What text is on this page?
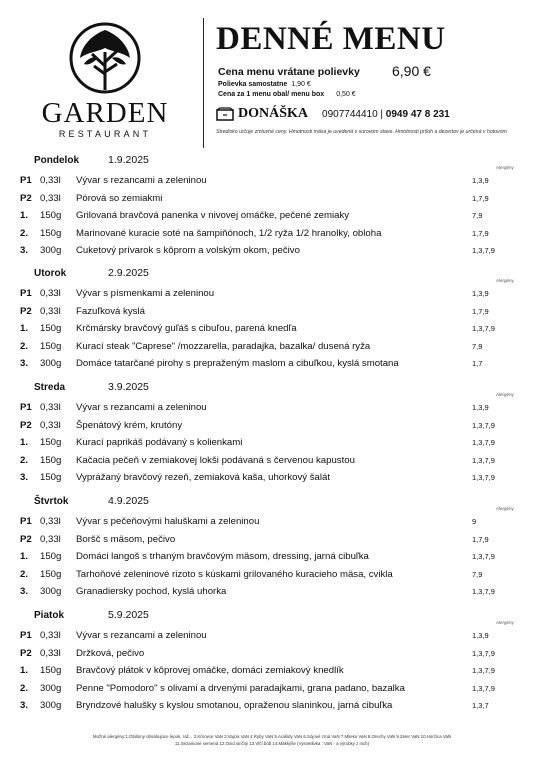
GARDEN
RESTAURANT
DENNÉ MENU
Cena menu vrátane polievky 6,90 €
Polievka samostatne 1,90 €
Cena za 1 menu obal/ menu box 0,50 €
DONÁŠKA 0907744410 | 0949 47 8 231
Stredisko určuje zmluvné ceny. Hmotnosti mäsa je uvedená v surovom stave. Hmotnosti príloh a dezertov je určená v hotovom
Pondelok	1.9.2025
Alergény
P1 0,33l Vývar s rezancami a zeleninou	1,3,9
P2 0,33l Pórová so zemiakmi	1,7,9
1. 150g Grilovaná bravčová panenka v nivovej omáčke, pečené zemiaky	7,9
2. 150g Marinované kuracie soté na šampiňónoch, 1/2 ryža 1/2 hranolky, obloha	1,7,9
3. 300g Cuketový prívarok s kôprom a volským okom, pečivo	1,3,7,9
Utorok	2.9.2025
Alergény
P1 0,33l Vývar s písmenkami a zeleninou	1,3,9
P2 0,33l Fazuľková kyslá	1,7,9
1. 150g Krčmársky bravčový guľáš s cibuľou, parená knedľa	1,3,7,9
2. 150g Kurací steak "Caprese" /mozzarella, paradajka, bazalka/ dusená ryža	7,9
3. 300g Domáce tatarčané pirohy s prepraženým maslom a cibuľkou, kyslá smotana	1,7
Streda	3.9.2025
Alergény
P1 0,33l Vývar s rezancami a zeleninou	1,3,9
P2 0,33l Špenátový krém, krutóny	1,3,7,9
1. 150g Kurací paprikáš podávaný s kolienkami	1,3,7,9
2. 150g Kačacia pečeň v zemiakovej lokši podávaná s červenou kapustou	1,3,7,9
3. 150g Vyprážaný bravčový rezeň, zemiaková kaša, uhorkový šalát	1,3,7,9
Štvrtok	4.9.2025
Alergény
P1 0,33l Vývar s pečeňovými haluškami a zeleninou	9
P2 0,33l Boršč s mäsom, pečivo	1,7,9
1. 150g Domáci langoš s trhaným bravčovým mäsom, dressing, jarná cibuľka	1,3,7,9
2. 150g Tarhoňové zeleninové rizoto s kúskami grilovaného kuracieho mäsa, cvikla	7,9
3. 300g Granadiersky pochod, kyslá uhorka	1,3,7,9
Piatok	5.9.2025
Alergény
P1 0,33l Vývar s rezancami a zeleninou	1,3,9
P2 0,33l Držková, pečivo	1,3,7,9
1. 150g Bravčový plátok v kôprovej omáčke, domáci zemiakový knedlík	1,3,7,9
2. 300g Penne "Pomodoro" s olivami a drvenými paradajkami, grana padano, bazalka	1,3,7,9
3. 300g Bryndzové halušky s kyslou smotanou, opraženou slaninkou, jarná cibuľka	1,3,7
Možné alergény:1.Obilniny obsahujúce lepok, raž... 2.Kôrovce VaN 3.Vajcia VaN 4.Ryby VaN 5.Arašidy VaN 6.Sójové zrná VaN 7.Mlieko VaN 8.Orechy VaN 9.Zeler VaN 10.Horčica VaN
11.Sezamové semená 12.Oxid siričitý 13.Vlčí bôb 14.Mäkkýše (Vysvetlivka : VaN - a výrobky z nich)
